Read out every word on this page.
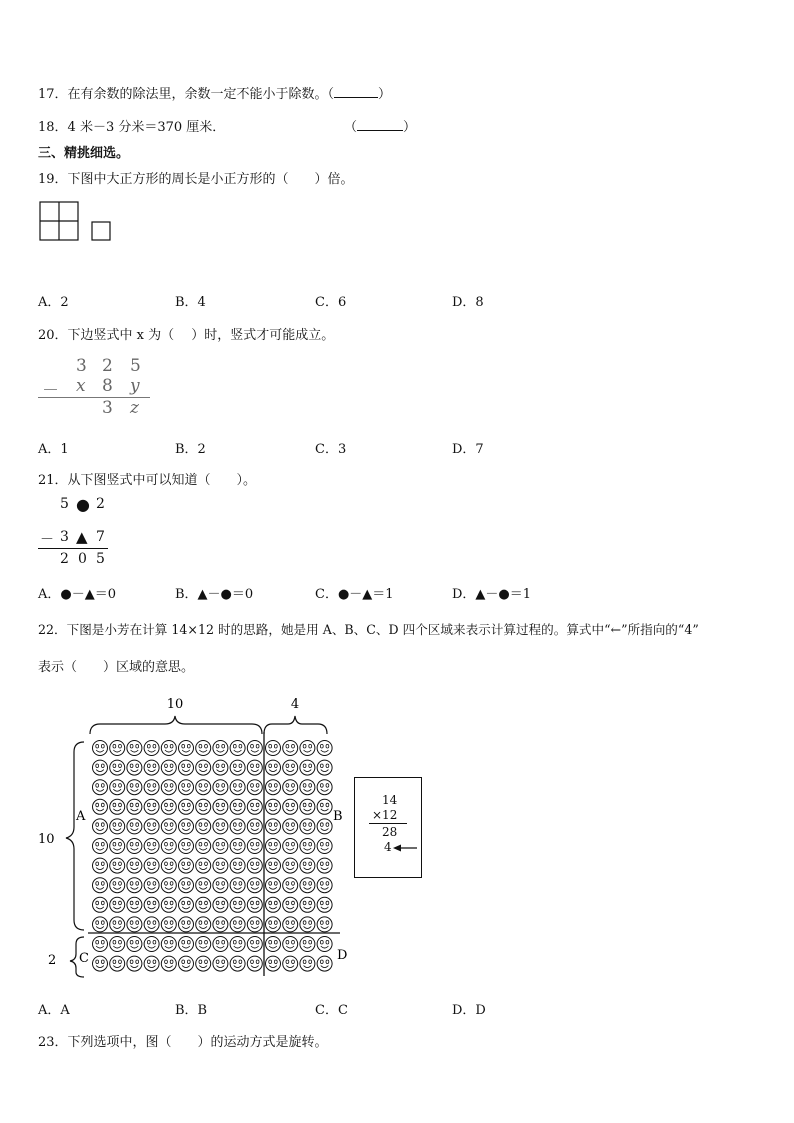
17．在有余数的除法里，余数一定不能小于除数。（	）
18．4 米－3 分米＝370 厘米．	（	）
三、精挑细选。
19．下图中大正方形的周长是小正方形的（　　）倍。
A．2	B．4	C．6	D．8
20．下边竖式中 x 为（　 ）时，竖式才可能成立。
3 2 5
－ x 8 y
3 z
A．1	B．2	C．3	D．7
21．从下图竖式中可以知道（　　）。
5 ● 2
－ 3 ▲ 7
2 0 5
A．●－▲＝0	B．▲－●＝0	C．●－▲＝1	D．▲－●＝1
22．下图是小芳在计算 14×12 时的思路，她是用 A、B、C、D 四个区域来表示计算过程的。算式中“←”所指向的“4”
表示（　　）区域的意思。
10	4
10
2
A	B
C	D
14
×12
28
4
A．A	B．B	C．C	D．D
23．下列选项中，图（　　）的运动方式是旋转。
